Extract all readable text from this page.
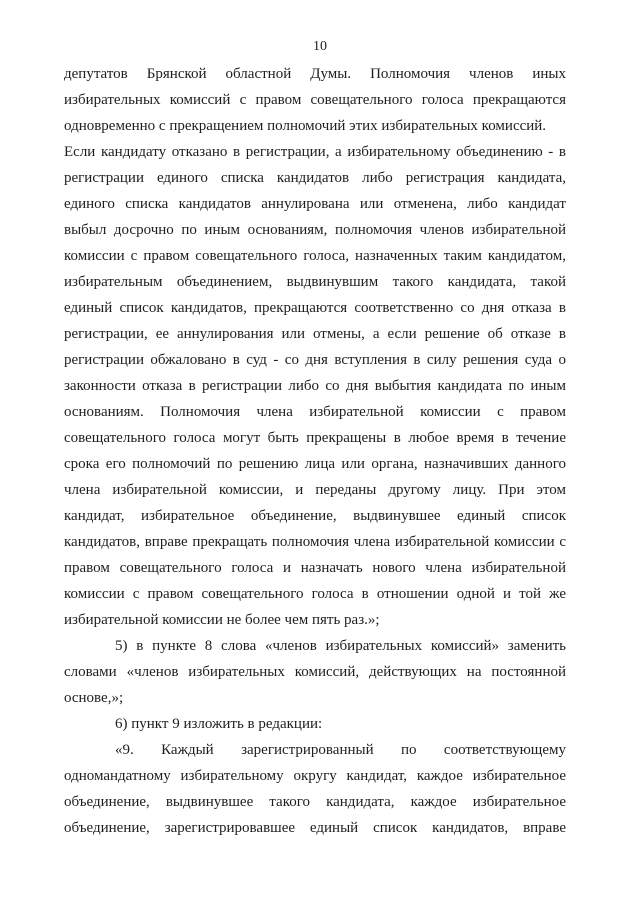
10
депутатов Брянской областной Думы. Полномочия членов иных
избирательных комиссий с правом совещательного голоса прекращаются
одновременно с прекращением полномочий этих избирательных комиссий.
Если кандидату отказано в регистрации, а избирательному объединению - в
регистрации единого списка кандидатов либо регистрация кандидата,
единого списка кандидатов аннулирована или отменена, либо кандидат
выбыл досрочно по иным основаниям, полномочия членов избирательной
комиссии с правом совещательного голоса, назначенных таким кандидатом,
избирательным объединением, выдвинувшим такого кандидата, такой
единый список кандидатов, прекращаются соответственно со дня отказа в
регистрации, ее аннулирования или отмены, а если решение об отказе в
регистрации обжаловано в суд - со дня вступления в силу решения суда о
законности отказа в регистрации либо со дня выбытия кандидата по иным
основаниям. Полномочия члена избирательной комиссии с правом
совещательного голоса могут быть прекращены в любое время в течение
срока его полномочий по решению лица или органа, назначивших данного
члена избирательной комиссии, и переданы другому лицу. При этом
кандидат, избирательное объединение, выдвинувшее единый список
кандидатов, вправе прекращать полномочия члена избирательной комиссии с
правом совещательного голоса и назначать нового члена избирательной
комиссии с правом совещательного голоса в отношении одной и той же
избирательной комиссии не более чем пять раз.»;
5) в пункте 8 слова «членов избирательных комиссий» заменить
словами «членов избирательных комиссий, действующих на постоянной
основе,»;
6) пункт 9 изложить в редакции:
«9. Каждый зарегистрированный по соответствующему
одномандатному избирательному округу кандидат, каждое избирательное
объединение, выдвинувшее такого кандидата, каждое избирательное
объединение, зарегистрировавшее единый список кандидатов, вправе
